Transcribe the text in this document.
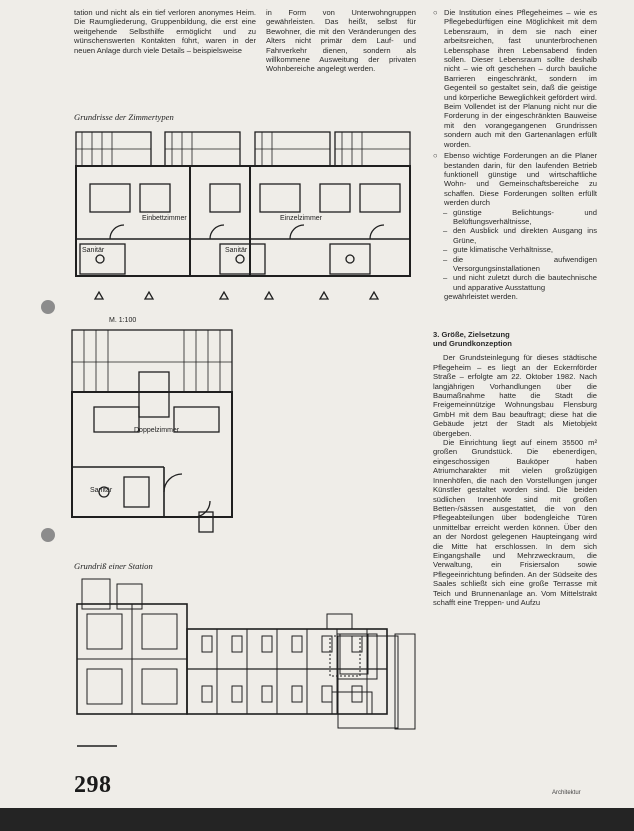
tation und nicht als ein tief verloren anonymes Heim. Die Raumgliederung, Gruppenbildung, die erst eine weitgehende Selbsthilfe ermöglicht und zu wünschenswerten Kontakten führt, waren in der neuen Anlage durch viele Details – beispielsweise

in Form von Unterwohngruppen gewährleisten. Das heißt, selbst für Bewohner, die mit den Veränderungen des Alters nicht primär dem Lauf- und Fahrverkehr dienen, sondern als willkommene Ausweitung der privaten Wohnbereiche angelegt werden.

Grundrisse der Zimmertypen
Einbettzimmer	Einzelzimmer
Sanitär	Sanitär
M. 1:100
Doppelzimmer
Sanitär
Grundriß einer Station

○ Die Institution eines Pflegeheimes – wie es Pflegebedürftigen eine Möglichkeit mit dem Lebensraum, in dem sie nach einer arbeitsreichen, fast ununterbrochenen Lebensphase ihren Lebensabend finden sollen. Dieser Lebensraum sollte deshalb nicht – wie oft geschehen – durch bauliche Barrieren eingeschränkt, sondern im Gegenteil so gestaltet sein, daß die geistige und körperliche Beweglichkeit gefördert wird. Beim Vollendet ist der Planung nicht nur die Forderung in der eingeschränkten Bauweise mit den vorangegangenen Grundrissen sondern auch mit den Gartenanlagen erfüllt worden.

○ Ebenso wichtige Forderungen an die Planer bestanden darin, für den laufenden Betrieb funktionell günstige und wirtschaftliche Wohn- und Gemeinschaftsbereiche zu schaffen. Diese Forderungen sollten erfüllt werden durch

– günstige Belichtungs- und Belüftungsverhältnisse,

– den Ausblick und direkten Ausgang ins Grüne,

– gute klimatische Verhältnisse,

– die aufwendigen Versorgungsinstallationen

– und nicht zuletzt durch die bautechnische und apparative Ausstattung

gewährleistet werden.

3. Größe, Zielsetzung

und Grundkonzeption

Der Grundsteinlegung für dieses städtische Pflegeheim – es liegt an der Eckernförder Straße – erfolgte am 22. Oktober 1982. Nach langjährigen Vorhandlungen über die Baumaßnahme hatte die Stadt die Freigemeinnützige Wohnungsbau Flensburg GmbH mit dem Bau beauftragt; diese hat die Gebäude jetzt der Stadt als Mietobjekt übergeben.

Die Einrichtung liegt auf einem 35500 m² großen Grundstück. Die ebenerdigen, eingeschossigen Bauköper haben Atriumcharakter mit vielen großzügigen Innenhöfen, die nach den Vorstellungen junger Künstler gestaltet worden sind. Die beiden südlichen Innenhöfe sind mit großen Betten-/sässen ausgestattet, die von den Pflegeabteilungen über bodengleiche Türen unmittelbar erreicht werden können. Über den an der Nordost gelegenen Haupteingang wird die Mitte hat erschlossen. In dem sich Eingangshalle und Mehrzweckraum, die Verwaltung, ein Frisiersalon sowie Pflegeeinrichtung befinden. An der Südseite des Saales schließt sich eine große Terrasse mit Teich und Brunnenanlage an. Vom Mittelstrakt schafft eine Treppen- und Aufzu

298	Architektur
